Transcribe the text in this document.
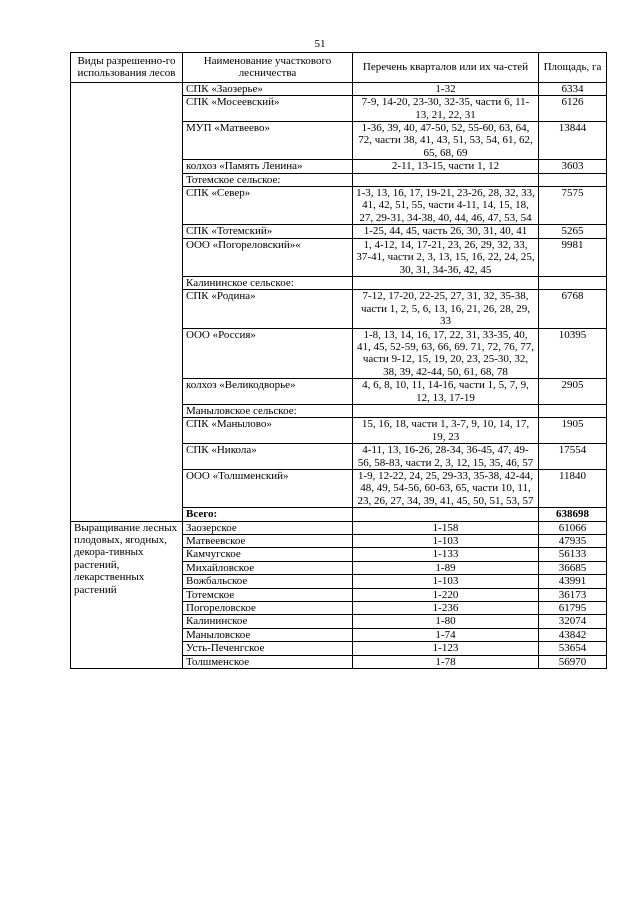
51
Виды разрешенно-го использования лесов	Наименование участкового лесничества	Перечень кварталов или их ча-стей	Площадь, га
	СПК «Заозерье»	1-32	6334
	СПК «Мосеевский»	7-9, 14-20, 23-30, 32-35, части 6, 11-13, 21, 22, 31	6126
	МУП «Матвеево»	1-36, 39, 40, 47-50, 52, 55-60, 63, 64, 72, части 38, 41, 43, 51, 53, 54, 61, 62, 65, 68, 69	13844
	колхоз «Память Ленина»	2-11, 13-15, части 1, 12	3603
	Тотемское сельское:		
	СПК «Север»	1-3, 13, 16, 17, 19-21, 23-26, 28, 32, 33, 41, 42, 51, 55, части 4-11, 14, 15, 18, 27, 29-31, 34-38, 40, 44, 46, 47, 53, 54	7575
	СПК «Тотемский»	1-25, 44, 45, часть 26, 30, 31, 40, 41	5265
	ООО «Погореловский»«	1, 4-12, 14, 17-21, 23, 26, 29, 32, 33, 37-41, части 2, 3, 13, 15, 16, 22, 24, 25, 30, 31, 34-36, 42, 45	9981
	Калининское сельское:		
	СПК «Родина»	7-12, 17-20, 22-25, 27, 31, 32, 35-38, части 1, 2, 5, 6, 13, 16, 21, 26, 28, 29, 33	6768
	ООО «Россия»	1-8, 13, 14, 16, 17, 22, 31, 33-35, 40, 41, 45, 52-59, 63, 66, 69. 71, 72, 76, 77, части 9-12, 15, 19, 20, 23, 25-30, 32, 38, 39, 42-44, 50, 61, 68, 78	10395
	колхоз «Великодворье»	4, 6, 8, 10, 11, 14-16, части 1, 5, 7, 9, 12, 13, 17-19	2905
	Маныловское сельское:		
	СПК «Манылово»	15, 16, 18, части 1, 3-7, 9, 10, 14, 17, 19, 23	1905
	СПК «Никола»	4-11, 13, 16-26, 28-34, 36-45, 47, 49-56, 58-83, части 2, 3, 12, 15, 35, 46, 57	17554
	ООО «Толшменский»	1-9, 12-22, 24, 25, 29-33, 35-38, 42-44, 48, 49, 54-56, 60-63, 65, части 10, 11, 23, 26, 27, 34, 39, 41, 45, 50, 51, 53, 57	11840
	Всего:		638698
Выращивание лесных плодовых, ягодных, декора-тивных растений, лекарственных растений	Заозерское	1-158	61066
	Матвеевское	1-103	47935
	Камчугское	1-133	56133
	Михайловское	1-89	36685
	Вожбальское	1-103	43991
	Тотемское	1-220	36173
	Погореловское	1-236	61795
	Калининское	1-80	32074
	Маныловское	1-74	43842
	Усть-Печенгское	1-123	53654
	Толшменское	1-78	56970
